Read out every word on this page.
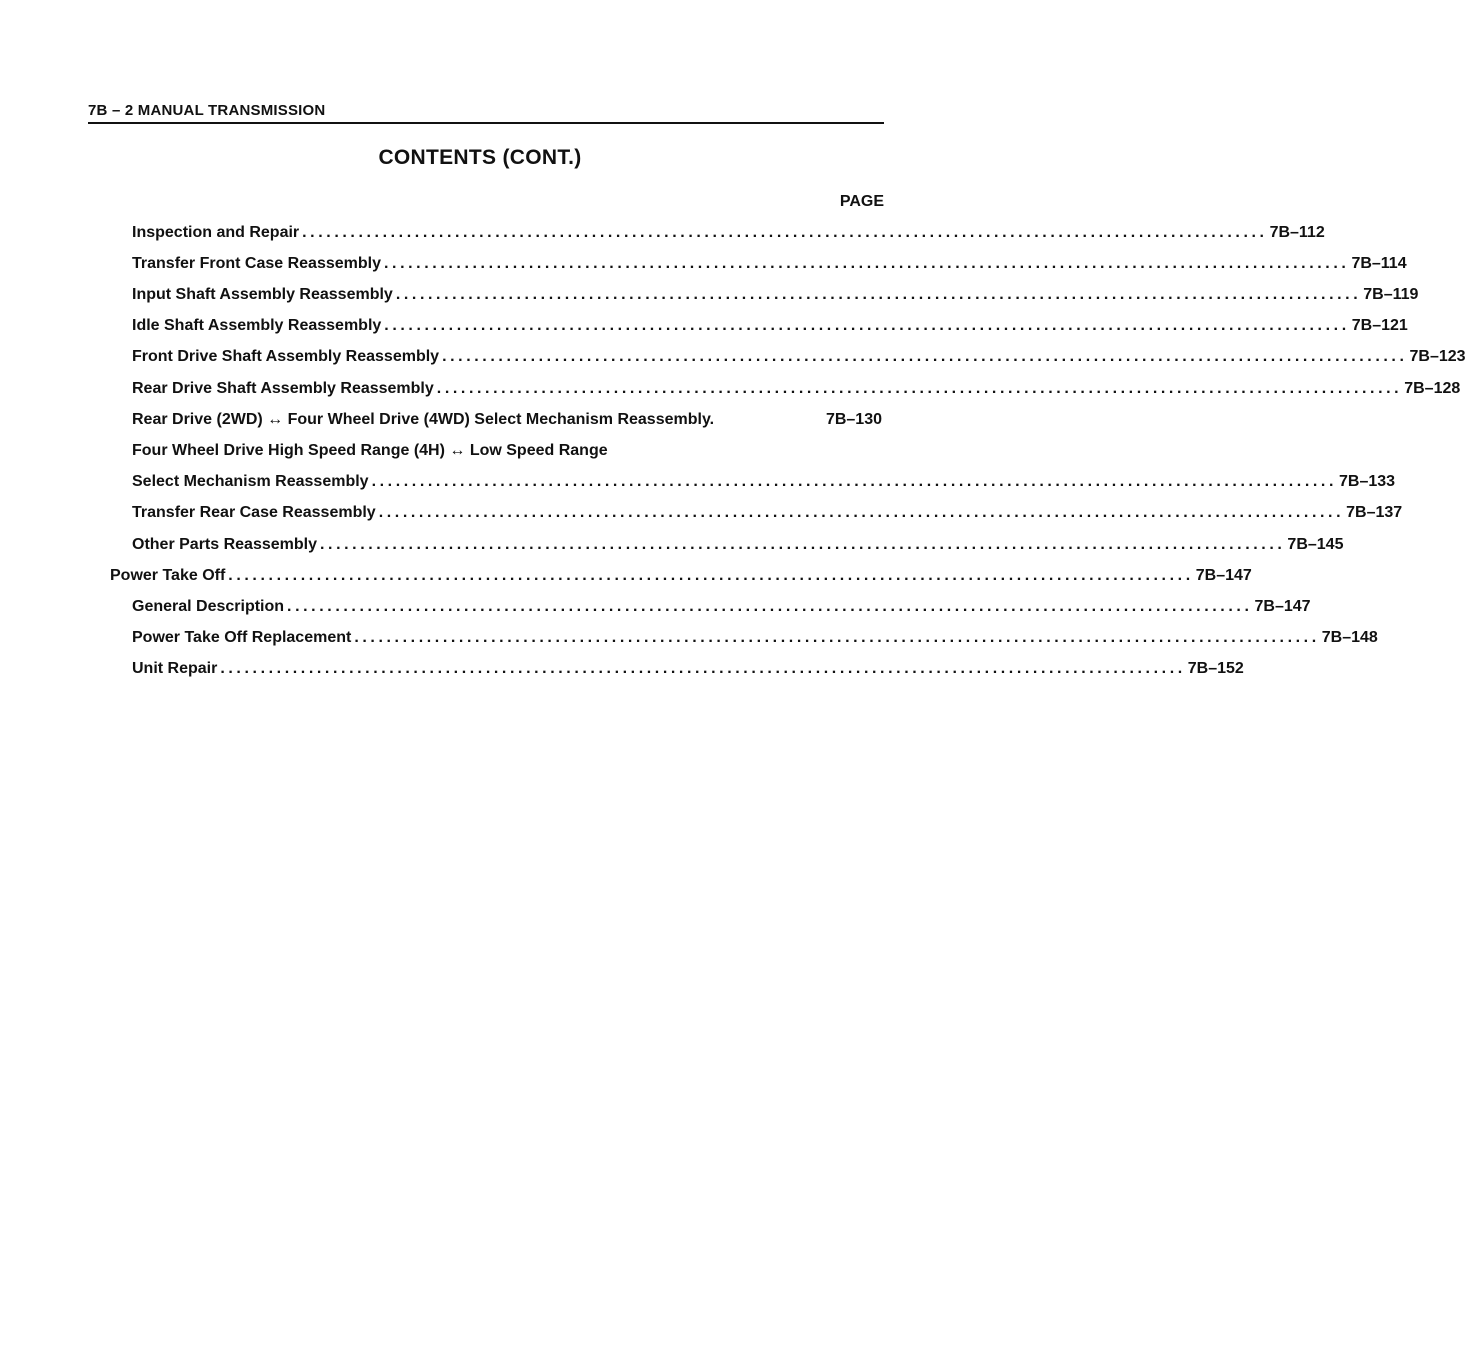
7B – 2 MANUAL TRANSMISSION
CONTENTS (CONT.)
PAGE
Inspection and Repair ........................................................................................................................ 7B–112
Transfer Front Case Reassembly ........................................................................................................................ 7B–114
Input Shaft Assembly Reassembly ........................................................................................................................ 7B–119
Idle Shaft Assembly Reassembly ........................................................................................................................ 7B–121
Front Drive Shaft Assembly Reassembly ........................................................................................................................ 7B–123
Rear Drive Shaft Assembly Reassembly ........................................................................................................................ 7B–128
Rear Drive (2WD) ↔ Four Wheel Drive (4WD) Select Mechanism Reassembly.	7B–130
Four Wheel Drive High Speed Range (4H) ↔ Low Speed Range
Select Mechanism Reassembly ........................................................................................................................ 7B–133
Transfer Rear Case Reassembly ........................................................................................................................ 7B–137
Other Parts Reassembly ........................................................................................................................ 7B–145
Power Take Off ........................................................................................................................ 7B–147
General Description ........................................................................................................................ 7B–147
Power Take Off Replacement ........................................................................................................................ 7B–148
Unit Repair ........................................................................................................................ 7B–152
